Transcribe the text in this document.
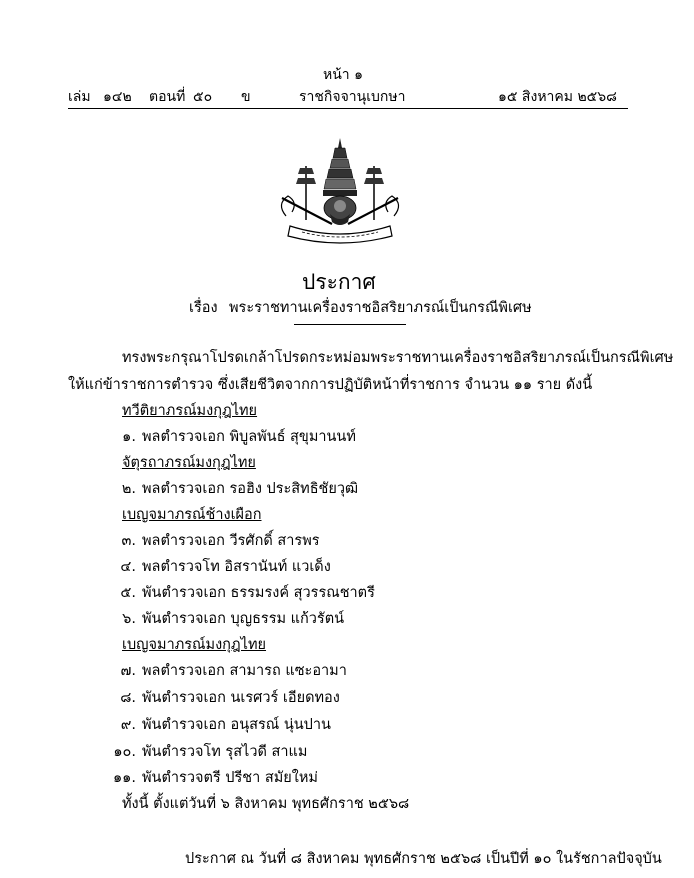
หน้า ๑
เล่ม ๑๔๒ ตอนที่ ๕๐ ข	ราชกิจจานุเบกษา	๑๕ สิงหาคม ๒๕๖๘
ประกาศ
เรื่อง พระราชทานเครื่องราชอิสริยาภรณ์เป็นกรณีพิเศษ
ทรงพระกรุณาโปรดเกล้าโปรดกระหม่อมพระราชทานเครื่องราชอิสริยาภรณ์เป็นกรณีพิเศษ
ให้แก่ข้าราชการตำรวจ ซึ่งเสียชีวิตจากการปฏิบัติหน้าที่ราชการ จำนวน ๑๑ ราย ดังนี้
ทวีติยาภรณ์มงกุฎไทย
๑. พลตำรวจเอก พิบูลพันธ์ สุขุมานนท์
จัตุรถาภรณ์มงกุฎไทย
๒. พลตำรวจเอก รอฮิง ประสิทธิชัยวุฒิ
เบญจมาภรณ์ช้างเผือก
๓. พลตำรวจเอก วีรศักดิ์ สารพร
๔. พลตำรวจโท อิสรานันท์ แวเด็ง
๕. พันตำรวจเอก ธรรมรงค์ สุวรรณชาตรี
๖. พันตำรวจเอก บุญธรรม แก้วรัตน์
เบญจมาภรณ์มงกุฎไทย
๗. พลตำรวจเอก สามารถ แซะอามา
๘. พันตำรวจเอก นเรศวร์ เอียดทอง
๙. พันตำรวจเอก อนุสรณ์ นุ่นปาน
๑๐. พันตำรวจโท รุสไวดี สาแม
๑๑. พันตำรวจตรี ปรีชา สมัยใหม่
ทั้งนี้ ตั้งแต่วันที่ ๖ สิงหาคม พุทธศักราช ๒๕๖๘
ประกาศ ณ วันที่ ๘ สิงหาคม พุทธศักราช ๒๕๖๘ เป็นปีที่ ๑๐ ในรัชกาลปัจจุบัน
